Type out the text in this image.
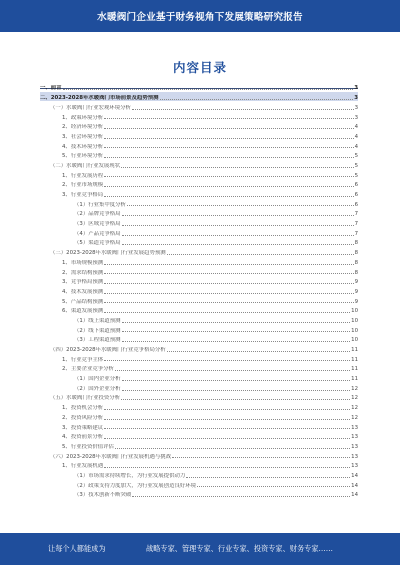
水暖阀门企业基于财务视角下发展策略研究报告
内容目录
一、前言	3
二、2023-2028年水暖阀门市场前景及趋势预测	3
（一）水暖阀门行业宏观环境分析	3
1、政策环境分析	3
2、经济环境分析	4
3、社会环境分析	4
4、技术环境分析	4
5、行业环境分析	5
（二）水暖阀门行业发展现状	5
1、行业发展历程	5
2、行业市场规模	6
3、行业竞争格局	6
（1）行业集中度分析	6
（2）品牌竞争格局	7
（3）区域竞争格局	7
（4）产品竞争格局	7
（5）渠道竞争格局	8
（三）2023-2028年水暖阀门行业发展趋势预测	8
1、市场规模预测	8
2、需求结构预测	8
3、竞争格局预测	9
4、技术发展预测	9
5、产品结构预测	9
6、渠道发展预测	10
（1）线上渠道预测	10
（2）线下渠道预测	10
（3）工程渠道预测	10
（四）2023-2028年水暖阀门行业竞争格局分析	11
1、行业竞争主体	11
2、主要企业竞争分析	11
（1）国内企业分析	11
（2）国外企业分析	12
（五）水暖阀门行业投资分析	12
1、投资机会分析	12
2、投资风险分析	12
3、投资策略建议	13
4、投资前景分析	13
5、行业投资价值评估	13
（六）2023-2028年水暖阀门行业发展机遇与挑战	13
1、行业发展机遇	13
（1）市场需求持续增长，为行业发展提供动力	14
（2）政策支持力度加大，为行业发展创造良好环境	14
（3）技术创新不断突破	14
让每个人都能成为	战略专家、管理专家、行业专家、投资专家、财务专家……
